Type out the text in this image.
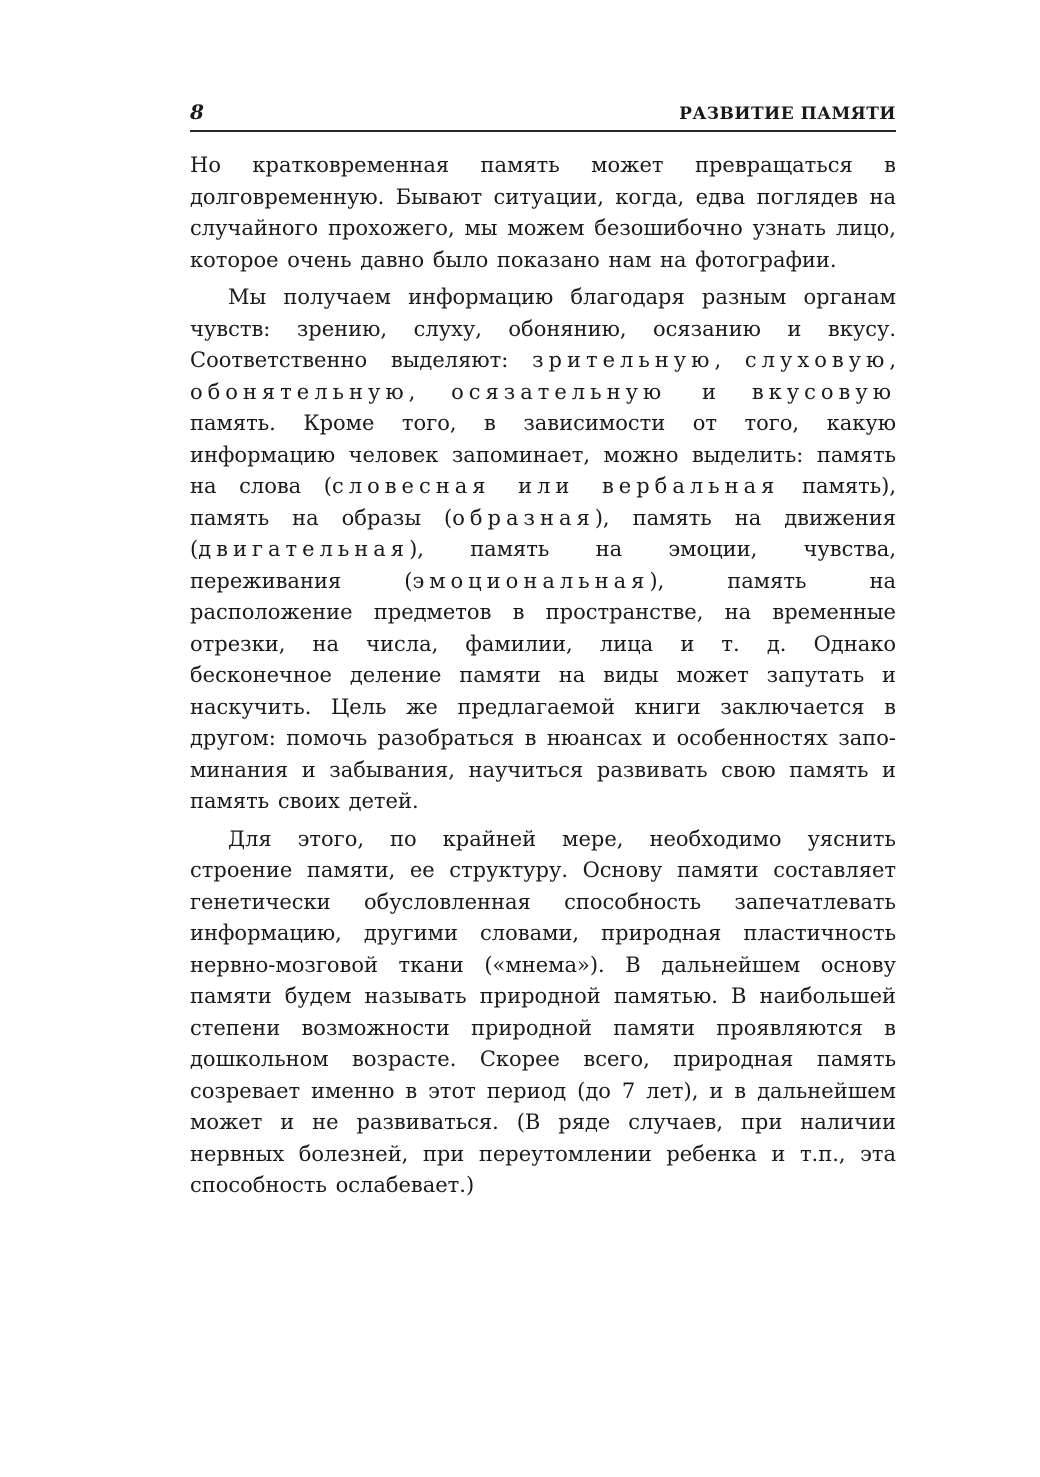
8	РАЗВИТИЕ ПАМЯТИ

Но кратковременная память может превращаться в долговременную. Бывают ситуации, когда, едва поглядев на случайного прохожего, мы можем безошибочно узнать лицо, которое очень давно было показано нам на фотографии.

Мы получаем информацию благодаря разным органам чувств: зрению, слуху, обонянию, осязанию и вкусу. Соответственно выделяют: зрительную, слуховую, обонятельную, осязательную и вкусовую память. Кроме того, в зависимости от того, какую информацию человек запоминает, можно выделить: память на слова (словесная или вербальная память), память на образы (образная), память на движения (двигательная), память на эмоции, чувства, переживания (эмоциональная), память на расположение предметов в пространстве, на временные отрезки, на числа, фамилии, лица и т. д. Однако бесконечное деление памяти на виды может запутать и наскучить. Цель же предлагаемой книги заключается в другом: помочь разобраться в нюансах и особенностях запоминания и забывания, научиться развивать свою память и память своих детей.

Для этого, по крайней мере, необходимо уяснить строение памяти, ее структуру. Основу памяти составляет генетически обусловленная способность запечатлевать информацию, другими словами, природная пластичность нервно-мозговой ткани («мнема»). В дальнейшем основу памяти будем называть природной памятью. В наибольшей степени возможности природной памяти проявляются в дошкольном возрасте. Скорее всего, природная память созревает именно в этот период (до 7 лет), и в дальнейшем может и не развиваться. (В ряде случаев, при наличии нервных болезней, при переутомлении ребенка и т.п., эта способность ослабевает.)
